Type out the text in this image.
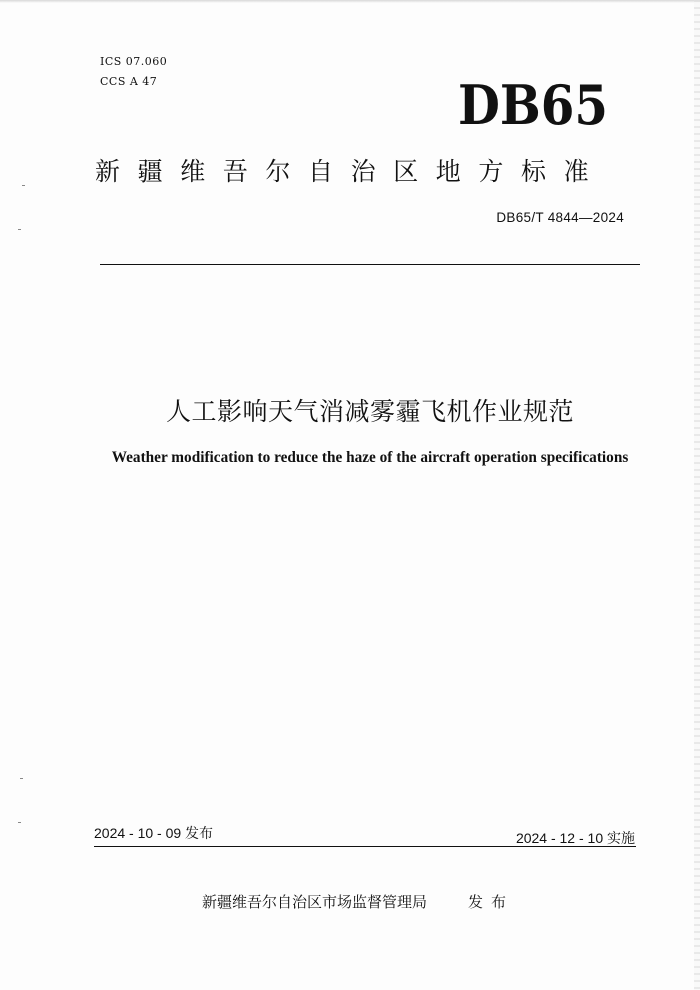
ICS 07.060
CCS A 47	DB65
新疆维吾尔自治区地方标准
DB65/T 4844—2024
人工影响天气消减雾霾飞机作业规范
Weather modification to reduce the haze of the aircraft operation specifications
2024 - 10 - 09 发布	2024 - 12 - 10 实施
新疆维吾尔自治区市场监督管理局	发布
